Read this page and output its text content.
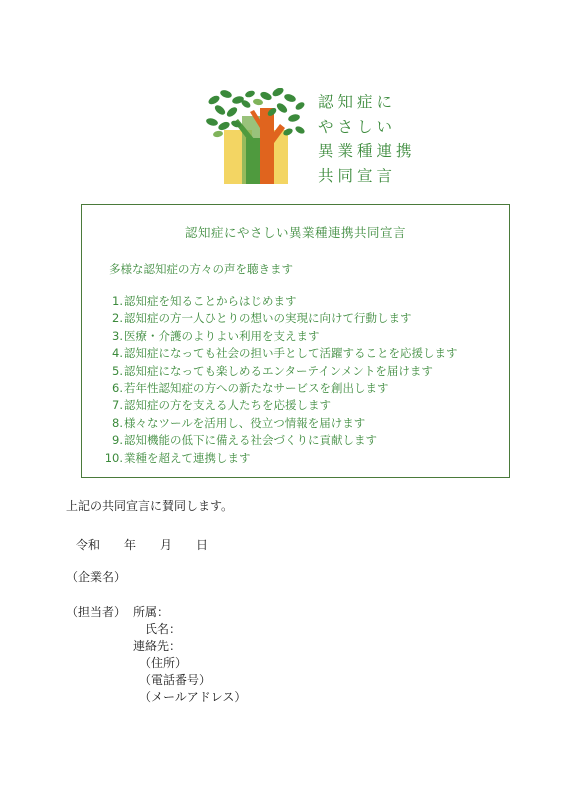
認知症に
やさしい
異業種連携
共同宣言
認知症にやさしい異業種連携共同宣言
多様な認知症の方々の声を聴きます
1.認知症を知ることからはじめます
2.認知症の方一人ひとりの想いの実現に向けて行動します
3.医療・介護のよりよい利用を支えます
4.認知症になっても社会の担い手として活躍することを応援します
5.認知症になっても楽しめるエンターテインメントを届けます
6.若年性認知症の方への新たなサービスを創出します
7.認知症の方を支える人たちを応援します
8.様々なツールを活用し、役立つ情報を届けます
9.認知機能の低下に備える社会づくりに貢献します
10.業種を超えて連携します
上記の共同宣言に賛同します。
令和　　年　　月　　日
（企業名）
（担当者） 所属：
氏名：
連絡先：
（住所）
（電話番号）
（メールアドレス）
